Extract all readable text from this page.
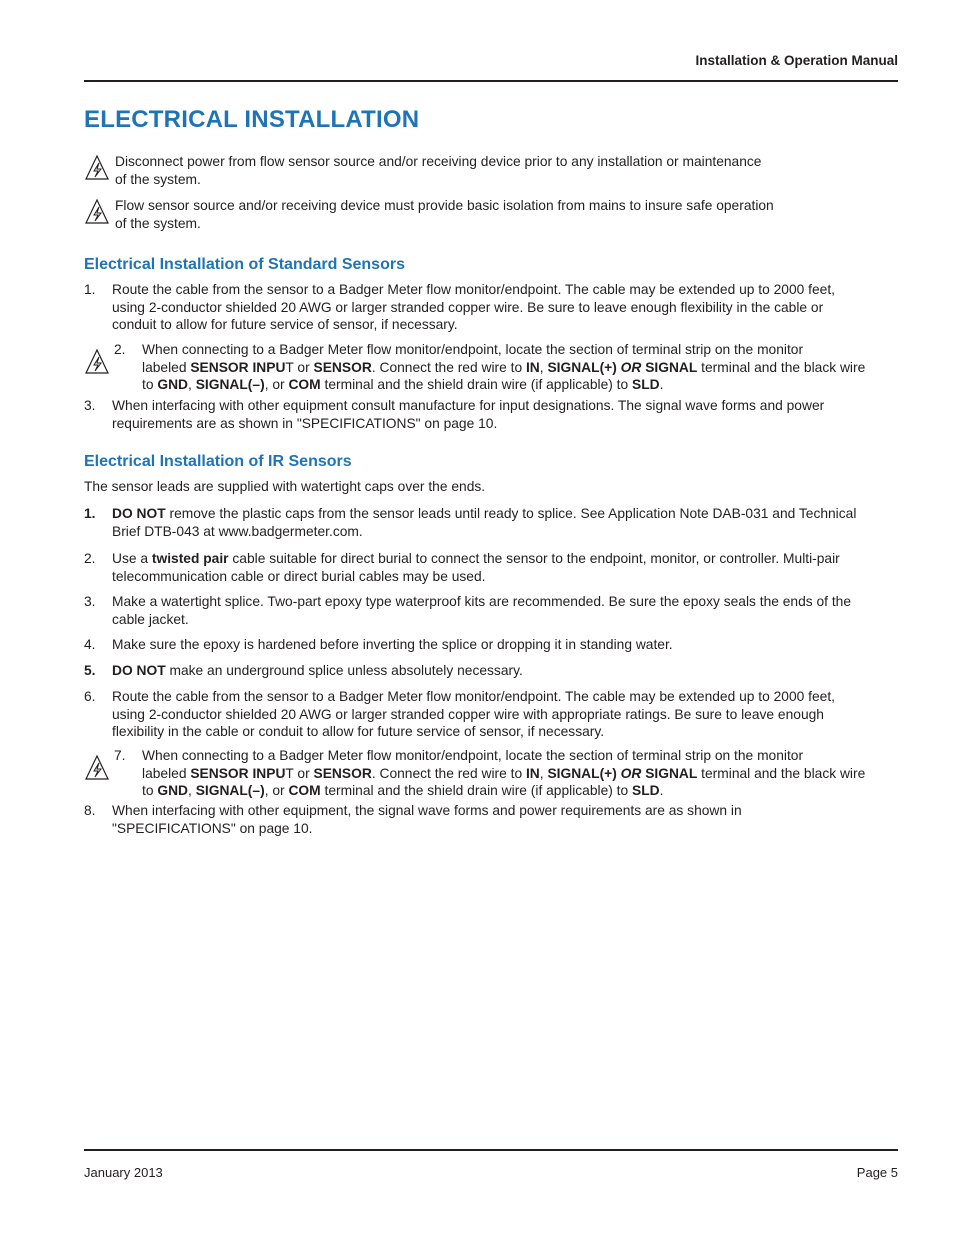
Installation & Operation Manual
ELECTRICAL INSTALLATION
Disconnect power from flow sensor source and/or receiving device prior to any installation or maintenance
of the system.
Flow sensor source and/or receiving device must provide basic isolation from mains to insure safe operation
of the system.
Electrical Installation of Standard Sensors
1.	Route the cable from the sensor to a Badger Meter flow monitor/endpoint. The cable may be extended up to 2000 feet,
using 2-conductor shielded 20 AWG or larger stranded copper wire. Be sure to leave enough flexibility in the cable or
conduit to allow for future service of sensor, if necessary.
2.	When connecting to a Badger Meter flow monitor/endpoint, locate the section of terminal strip on the monitor
labeled SENSOR INPUT or SENSOR. Connect the red wire to IN, SIGNAL(+) OR SIGNAL terminal and the black wire
to GND, SIGNAL(–), or COM terminal and the shield drain wire (if applicable) to SLD.
3.	When interfacing with other equipment consult manufacture for input designations. The signal wave forms and power
requirements are as shown in "SPECIFICATIONS" on page 10.
Electrical Installation of IR Sensors
The sensor leads are supplied with watertight caps over the ends.
1.	DO NOT remove the plastic caps from the sensor leads until ready to splice. See Application Note DAB-031 and Technical
Brief DTB-043 at www.badgermeter.com.
2.	Use a twisted pair cable suitable for direct burial to connect the sensor to the endpoint, monitor, or controller. Multi-pair
telecommunication cable or direct burial cables may be used.
3.	Make a watertight splice. Two-part epoxy type waterproof kits are recommended. Be sure the epoxy seals the ends of the
cable jacket.
4.	Make sure the epoxy is hardened before inverting the splice or dropping it in standing water.
5.	DO NOT make an underground splice unless absolutely necessary.
6.	Route the cable from the sensor to a Badger Meter flow monitor/endpoint. The cable may be extended up to 2000 feet,
using 2-conductor shielded 20 AWG or larger stranded copper wire with appropriate ratings. Be sure to leave enough
flexibility in the cable or conduit to allow for future service of sensor, if necessary.
7.	When connecting to a Badger Meter flow monitor/endpoint, locate the section of terminal strip on the monitor
labeled SENSOR INPUT or SENSOR. Connect the red wire to IN, SIGNAL(+) OR SIGNAL terminal and the black wire
to GND, SIGNAL(–), or COM terminal and the shield drain wire (if applicable) to SLD.
8.	When interfacing with other equipment, the signal wave forms and power requirements are as shown in
"SPECIFICATIONS" on page 10.
January 2013	Page 5
